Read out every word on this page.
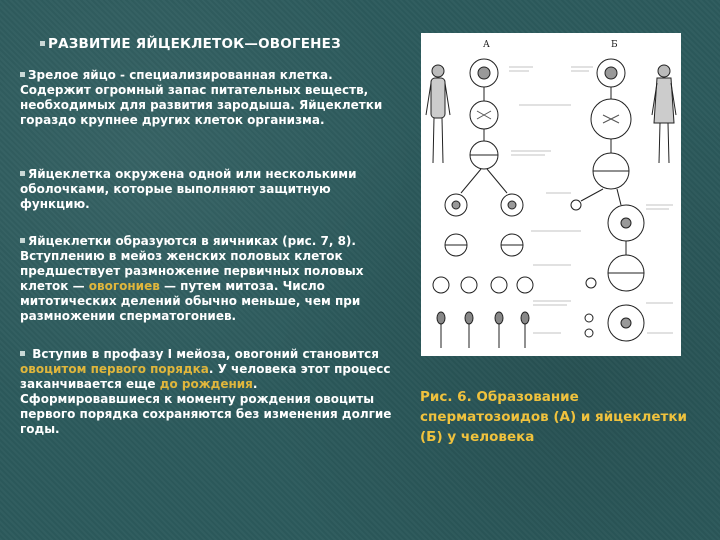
РАЗВИТИЕ ЯЙЦЕКЛЕТОК—ОВОГЕНЕЗ
Зрелое яйцо - специализированная клетка. Содержит огромный запас питательных веществ, необходимых для развития зародыша. Яйцеклетки гораздо крупнее других клеток организма.
Яйцеклетка окружена одной или несколькими оболочками, которые выполняют защитную функцию.
Яйцеклетки образуются в яичниках (рис. 7, 8). Вступлению в мейоз женских половых клеток предшествует размножение первичных половых клеток — овогониев — путем митоза. Число митотических делений обычно меньше, чем при размножении сперматогониев.
Вступив в профазу I мейоза, овогоний становится овоцитом первого порядка. У человека этот процесс заканчивается еще до рождения. Сформировавшиеся к моменту рождения овоциты первого порядка сохраняются без изменения долгие годы.
А	Б
Рис. 6. Образование сперматозоидов (А) и яйцеклетки (Б) у человека
